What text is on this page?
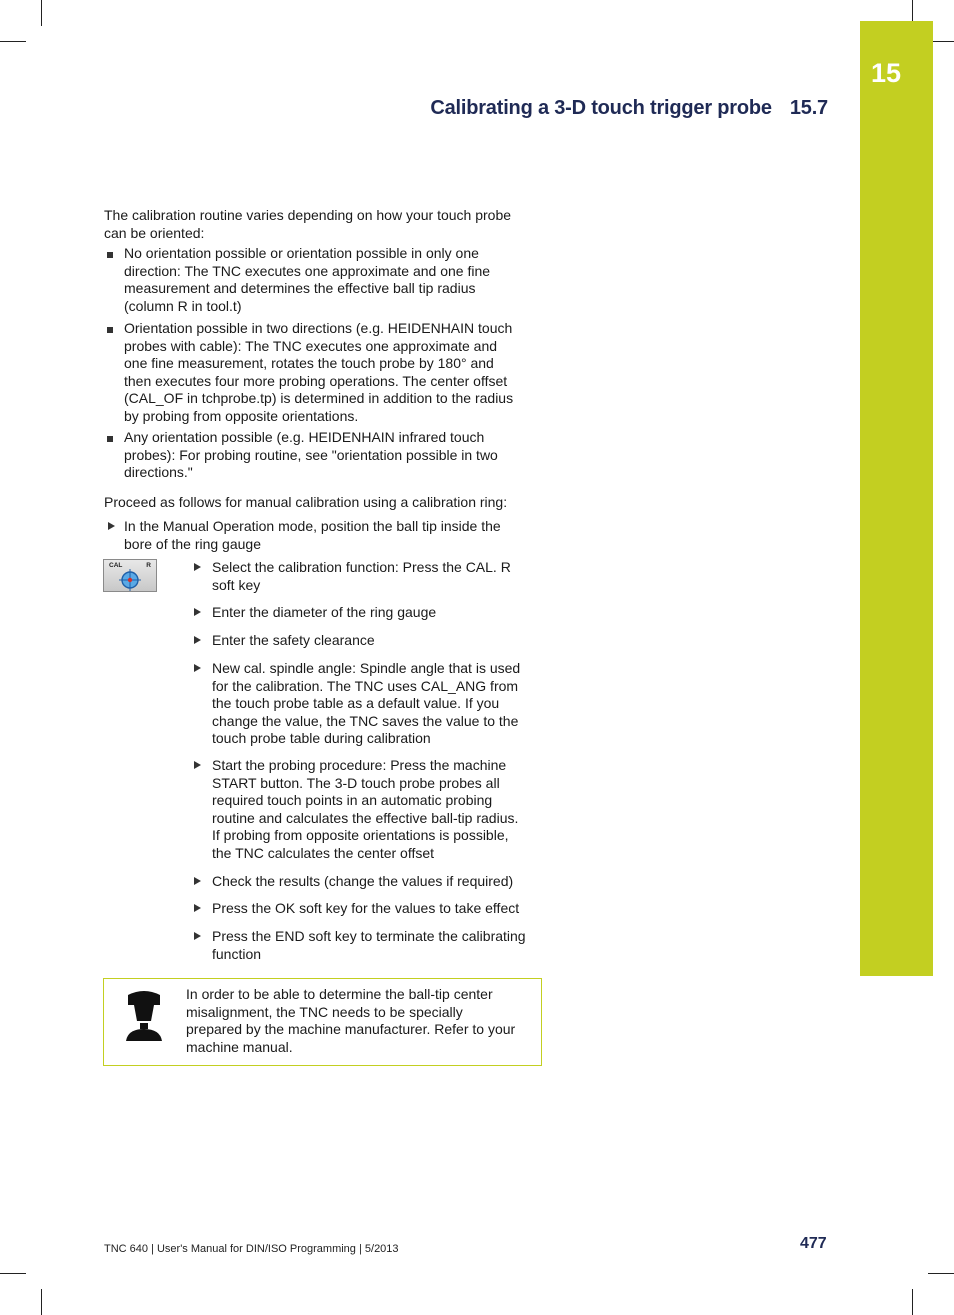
15
Calibrating a 3-D touch trigger probe 15.7
The calibration routine varies depending on how your touch probe
can be oriented:
No orientation possible or orientation possible in only one
direction: The TNC executes one approximate and one fine
measurement and determines the effective ball tip radius
(column R in tool.t)
Orientation possible in two directions (e.g. HEIDENHAIN touch
probes with cable): The TNC executes one approximate and
one fine measurement, rotates the touch probe by 180° and
then executes four more probing operations. The center offset
(CAL_OF in tchprobe.tp) is determined in addition to the radius
by probing from opposite orientations.
Any orientation possible (e.g. HEIDENHAIN infrared touch
probes): For probing routine, see "orientation possible in two
directions."
Proceed as follows for manual calibration using a calibration ring:
In the Manual Operation mode, position the ball tip inside the
bore of the ring gauge
Select the calibration function: Press the CAL. R
soft key
Enter the diameter of the ring gauge
Enter the safety clearance
New cal. spindle angle: Spindle angle that is used
for the calibration. The TNC uses CAL_ANG from
the touch probe table as a default value. If you
change the value, the TNC saves the value to the
touch probe table during calibration
Start the probing procedure: Press the machine
START button. The 3-D touch probe probes all
required touch points in an automatic probing
routine and calculates the effective ball-tip radius.
If probing from opposite orientations is possible,
the TNC calculates the center offset
Check the results (change the values if required)
Press the OK soft key for the values to take effect
Press the END soft key to terminate the calibrating
function
CAL	R
In order to be able to determine the ball-tip center
misalignment, the TNC needs to be specially
prepared by the machine manufacturer. Refer to your
machine manual.
TNC 640 | User's Manual for DIN/ISO Programming | 5/2013	477
